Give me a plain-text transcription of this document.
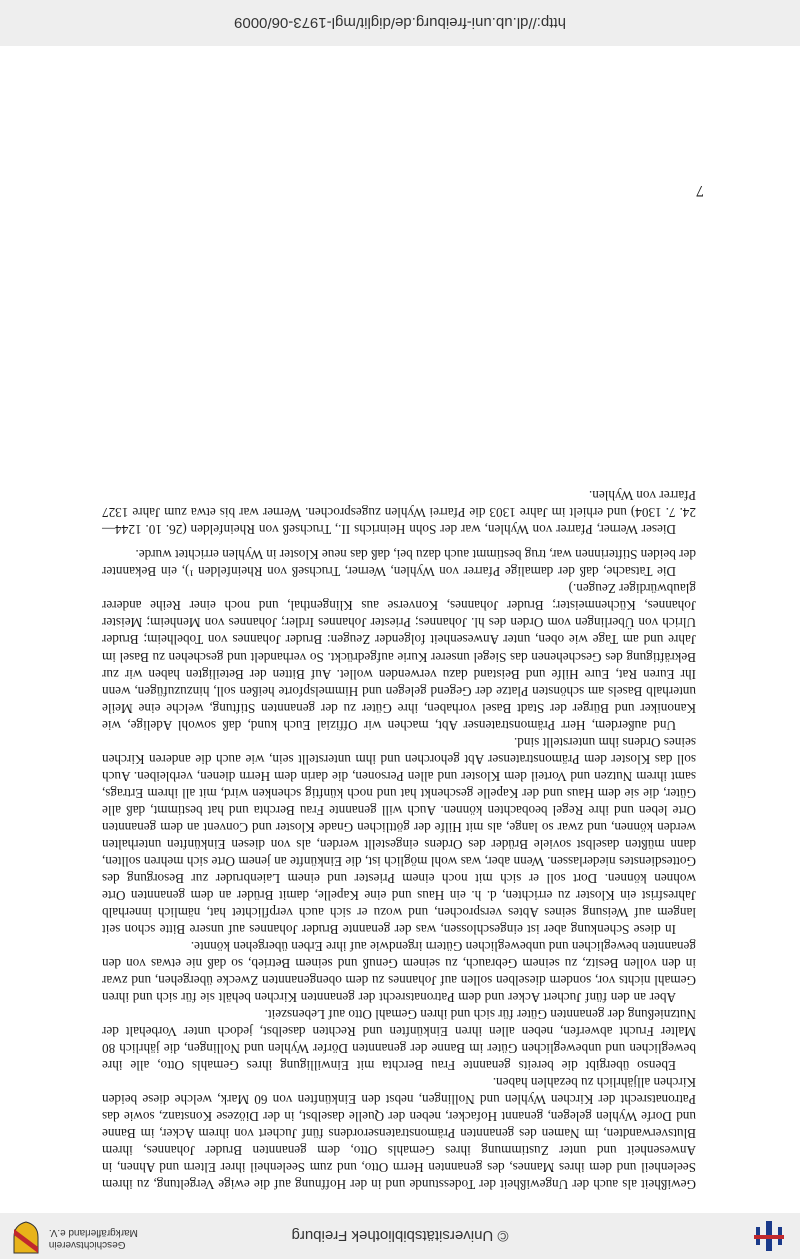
© Universitätsbibliothek Freiburg
Geschichtsverein
Markgräflerland e.V.

Gewißheit als auch der Ungewißheit der Todesstunde und in der Hoffnung auf die ewige Vergeltung, zu ihrem Seelenheil und dem ihres Mannes, des genannten Herrn Otto, und zum Seelenheil ihrer Eltern und Ahnen, in Anwesenheit und unter Zustimmung ihres Gemahls Otto, dem genannten Bruder Johannes, ihrem Blutsverwandten, im Namen des genannten Prämonstratenserordens fünf Juchert von ihrem Acker, im Banne und Dorfe Wyhlen gelegen, genannt Hofacker, neben der Quelle daselbst, in der Diözese Konstanz, sowie das Patronatsrecht der Kirchen Wyhlen und Nollingen, nebst den Einkünften von 60 Mark, welche diese beiden Kirchen alljährlich zu bezahlen haben.

Ebenso übergibt die bereits genannte Frau Berchta mit Einwilligung ihres Gemahls Otto, alle ihre beweglichen und unbeweglichen Güter im Banne der genannten Dörfer Wyhlen und Nollingen, die jährlich 80 Malter Frucht abwerfen, neben allen ihren Einkünften und Rechten daselbst, jedoch unter Vorbehalt der Nutznießung der genannten Güter für sich und ihren Gemahl Otto auf Lebenszeit.

Aber an den fünf Juchert Acker und dem Patronatsrecht der genannten Kirchen behält sie für sich und ihren Gemahl nichts vor, sondern dieselben sollen auf Johannes zu dem obengenannten Zwecke übergehen, und zwar in den vollen Besitz, zu seinem Gebrauch, zu seinem Genuß und seinem Betrieb, so daß nie etwas von den genannten beweglichen und unbeweglichen Gütern irgendwie auf ihre Erben übergehen könnte.

In diese Schenkung aber ist eingeschlossen, was der genannte Bruder Johannes auf unsere Bitte schon seit langem auf Weisung seines Abtes versprochen, und wozu er sich auch verpflichtet hat, nämlich innerhalb Jahresfrist ein Kloster zu errichten, d. h. ein Haus und eine Kapelle, damit Brüder an dem genannten Orte wohnen können. Dort soll er sich mit noch einem Priester und einem Laienbruder zur Besorgung des Gottesdienstes niederlassen. Wenn aber, was wohl möglich ist, die Einkünfte an jenem Orte sich mehren sollten, dann müßten daselbst soviele Brüder des Ordens eingestellt werden, als von diesen Einkünften unterhalten werden können, und zwar so lange, als mit Hilfe der göttlichen Gnade Kloster und Convent an dem genannten Orte leben und ihre Regel beobachten können. Auch will genannte Frau Berchta und hat bestimmt, daß alle Güter, die sie dem Haus und der Kapelle geschenkt hat und noch künftig schenken wird, mit all ihrem Ertrags, samt ihrem Nutzen und Vorteil dem Kloster und allen Personen, die darin dem Herrn dienen, verbleiben. Auch soll das Kloster dem Prämonstratenser Abt gehorchen und ihm unterstellt sein, wie auch die anderen Kirchen seines Ordens ihm unterstellt sind.

Und außerdem, Herr Prämonstratenser Abt, machen wir Offizial Euch kund, daß sowohl Adelige, wie Kanoniker und Bürger der Stadt Basel vorhaben, ihre Güter zu der genannten Stiftung, welche eine Meile unterhalb Basels am schönsten Platze der Gegend gelegen und Himmelspforte heißen soll, hinzuzufügen, wenn Ihr Euren Rat, Eure Hilfe und Beistand dazu verwenden wollet. Auf Bitten der Beteiligten haben wir zur Bekräftigung des Geschehenen das Siegel unserer Kurie aufgedrückt. So verhandelt und geschehen zu Basel im Jahre und am Tage wie oben, unter Anwesenheit folgender Zeugen: Bruder Johannes von Tobelheim; Bruder Ulrich von Überlingen vom Orden des hl. Johannes; Priester Johannes Irdler; Johannes von Menheim; Meister Johannes, Küchenmeister; Bruder Johannes, Konverse aus Klingenthal, und noch einer Reihe anderer glaubwürdiger Zeugen.)

Die Tatsache, daß der damalige Pfarrer von Wyhlen, Werner, Truchseß von Rheinfelden ¹), ein Bekannter der beiden Stifterinnen war, trug bestimmt auch dazu bei, daß das neue Kloster in Wyhlen errichtet wurde.

Dieser Werner, Pfarrer von Wyhlen, war der Sohn Heinrichs II., Truchseß von Rheinfelden (26. 10. 1244—24. 7. 1304) und erhielt im Jahre 1303 die Pfarrei Wyhlen zugesprochen. Werner war bis etwa zum Jahre 1327 Pfarrer von Wyhlen.

7
http://dl.ub.uni-freiburg.de/diglit/mgl-1973-06/0009
